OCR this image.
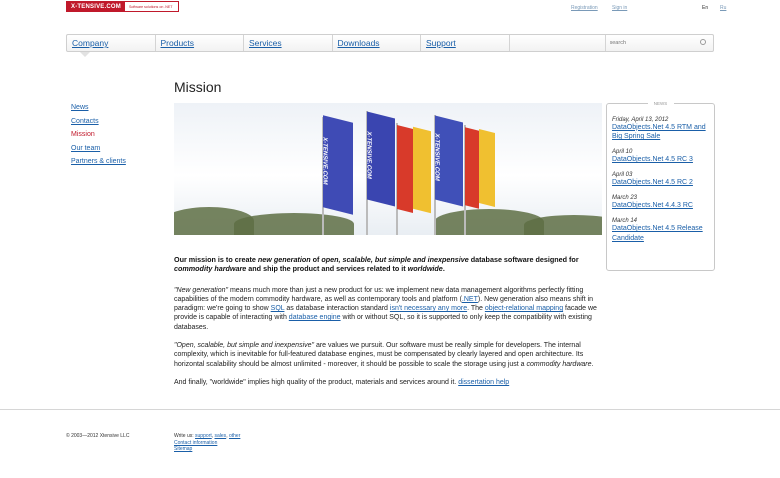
X-TENSIVE.COM	Software solutions on .NET	Registration	Sign in	En Ru
Company	Products	Services	Downloads	Support
search
News
Contacts
Mission
Our team
Partners & clients
Mission
X-TENSIVE.COM	X-TENSIVE.COM	X-TENSIVE.COM

Our mission is to create new generation of open, scalable, but simple and inexpensive database software designed for commodity hardware and ship the product and services related to it worldwide.

"New generation" means much more than just a new product for us: we implement new data management algorithms perfectly fitting capabilities of the modern commodity hardware, as well as contemporary tools and platform (.NET). New generation also means shift in paradigm: we're going to show SQL as database interaction standard isn't necessary any more. The object-relational mapping facade we provide is capable of interacting with database engine with or without SQL, so it is supported to only keep the compatibility with existing databases.

"Open, scalable, but simple and inexpensive" are values we pursuit. Our software must be really simple for developers. The internal complexity, which is inevitable for full-featured database engines, must be compensated by clearly layered and open architecture. Its horizontal scalability should be almost unlimited - moreover, it should be possible to scale the storage using just a commodity hardware.

And finally, "worldwide" implies high quality of the product, materials and services around it. dissertation help

NEWS
Friday, April 13, 2012
DataObjects.Net 4.5 RTM and Big Spring Sale
April 10
DataObjects.Net 4.5 RC 3
April 03
DataObjects.Net 4.5 RC 2
March 23
DataObjects.Net 4.4.3 RC
March 14
DataObjects.Net 4.5 Release Candidate
© 2003—2012 Xtensive LLC	Write us: support, sales, other
Contact information
Sitemap
